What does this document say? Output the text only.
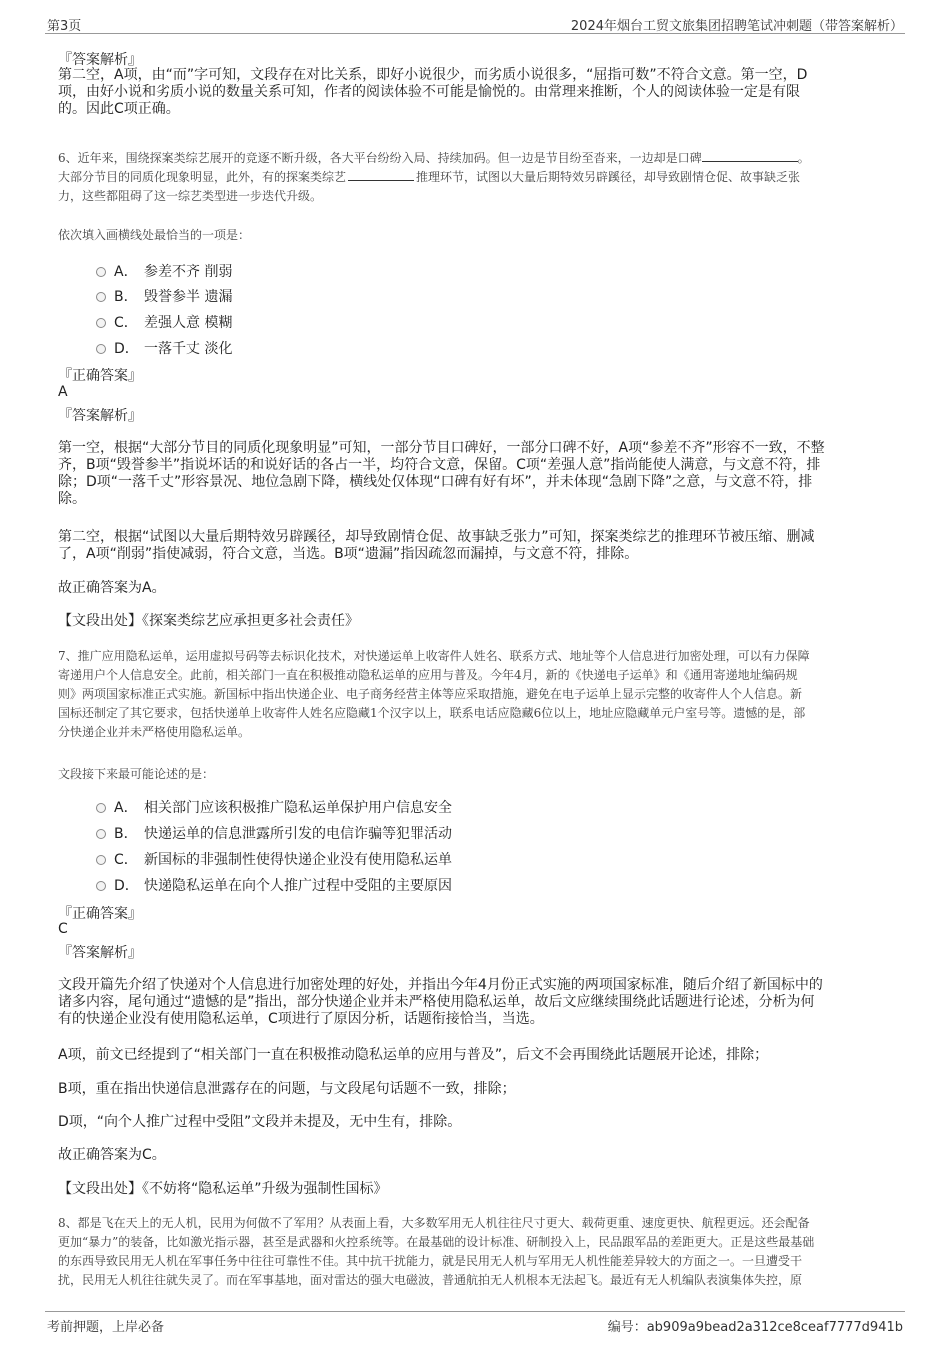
第3页	2024年烟台工贸文旅集团招聘笔试冲刺题（带答案解析）
『答案解析』
第二空，A项，由“而”字可知，文段存在对比关系，即好小说很少，而劣质小说很多，“屈指可数”不符合文意。第一空，D
项，由好小说和劣质小说的数量关系可知，作者的阅读体验不可能是愉悦的。由常理来推断，个人的阅读体验一定是有限
的。因此C项正确。
6、近年来，围绕探案类综艺展开的竞逐不断升级，各大平台纷纷入局、持续加码。但一边是节目纷至沓来，一边却是口碑	。
大部分节目的同质化现象明显，此外，有的探案类综艺	推理环节，试图以大量后期特效另辟蹊径，却导致剧情仓促、故事缺乏张
力，这些都阻碍了这一综艺类型进一步迭代升级。
依次填入画横线处最恰当的一项是：
A． 参差不齐 削弱
B． 毁誉参半 遗漏
C． 差强人意 模糊
D． 一落千丈 淡化
『正确答案』
A
『答案解析』
第一空，根据“大部分节目的同质化现象明显”可知，一部分节目口碑好，一部分口碑不好，A项“参差不齐”形容不一致，不整
齐，B项“毁誉参半”指说坏话的和说好话的各占一半，均符合文意，保留。C项“差强人意”指尚能使人满意，与文意不符，排
除；D项“一落千丈”形容景况、地位急剧下降，横线处仅体现“口碑有好有坏”，并未体现“急剧下降”之意，与文意不符，排
除。
第二空，根据“试图以大量后期特效另辟蹊径，却导致剧情仓促、故事缺乏张力”可知，探案类综艺的推理环节被压缩、删减
了，A项“削弱”指使减弱，符合文意，当选。B项“遗漏”指因疏忽而漏掉，与文意不符，排除。
故正确答案为A。
【文段出处】《探案类综艺应承担更多社会责任》
7、推广应用隐私运单，运用虚拟号码等去标识化技术，对快递运单上收寄件人姓名、联系方式、地址等个人信息进行加密处理，可以有力保障
寄递用户个人信息安全。此前，相关部门一直在积极推动隐私运单的应用与普及。今年4月，新的《快递电子运单》和《通用寄递地址编码规
则》两项国家标准正式实施。新国标中指出快递企业、电子商务经营主体等应采取措施，避免在电子运单上显示完整的收寄件人个人信息。新
国标还制定了其它要求，包括快递单上收寄件人姓名应隐藏1个汉字以上，联系电话应隐藏6位以上，地址应隐藏单元户室号等。遗憾的是，部
分快递企业并未严格使用隐私运单。
文段接下来最可能论述的是：
A． 相关部门应该积极推广隐私运单保护用户信息安全
B． 快递运单的信息泄露所引发的电信诈骗等犯罪活动
C． 新国标的非强制性使得快递企业没有使用隐私运单
D． 快递隐私运单在向个人推广过程中受阻的主要原因
『正确答案』
C
『答案解析』
文段开篇先介绍了快递对个人信息进行加密处理的好处，并指出今年4月份正式实施的两项国家标准，随后介绍了新国标中的
诸多内容，尾句通过“遗憾的是”指出，部分快递企业并未严格使用隐私运单，故后文应继续围绕此话题进行论述，分析为何
有的快递企业没有使用隐私运单，C项进行了原因分析，话题衔接恰当，当选。
A项，前文已经提到了“相关部门一直在积极推动隐私运单的应用与普及”，后文不会再围绕此话题展开论述，排除；
B项，重在指出快递信息泄露存在的问题，与文段尾句话题不一致，排除；
D项，“向个人推广过程中受阻”文段并未提及，无中生有，排除。
故正确答案为C。
【文段出处】《不妨将“隐私运单”升级为强制性国标》
8、都是飞在天上的无人机，民用为何做不了军用？从表面上看，大多数军用无人机往往尺寸更大、载荷更重、速度更快、航程更远。还会配备
更加“暴力”的装备，比如激光指示器，甚至是武器和火控系统等。在最基础的设计标准、研制投入上，民品跟军品的差距更大。正是这些最基础
的东西导致民用无人机在军事任务中往往可靠性不佳。其中抗干扰能力，就是民用无人机与军用无人机性能差异较大的方面之一。一旦遭受干
扰，民用无人机往往就失灵了。而在军事基地，面对雷达的强大电磁波，普通航拍无人机根本无法起飞。最近有无人机编队表演集体失控，原
考前押题，上岸必备	编号：ab909a9bead2a312ce8ceaf7777d941b
